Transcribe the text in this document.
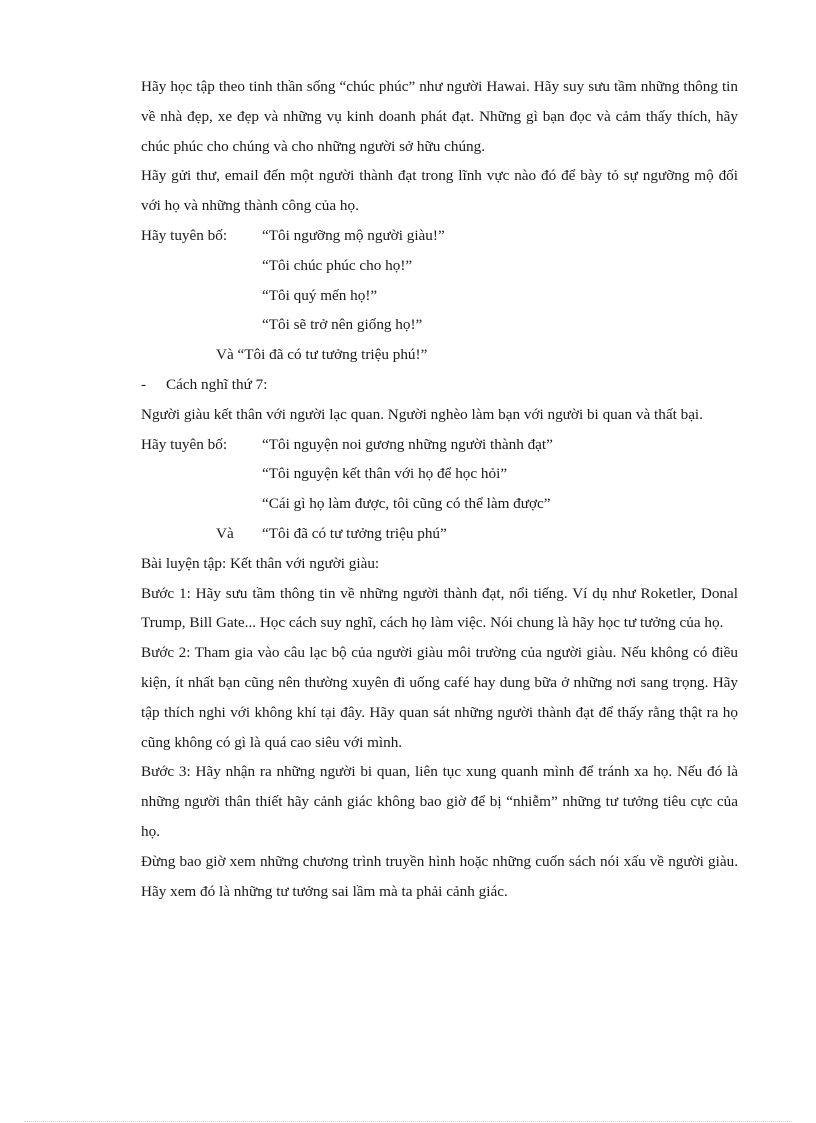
Hãy học tập theo tinh thần sống “chúc phúc” như người Hawai. Hãy suy sưu tầm những thông tin về nhà đẹp, xe đẹp và những vụ kinh doanh phát đạt. Những gì bạn đọc và cảm thấy thích, hãy chúc phúc cho chúng và cho những người sở hữu chúng.

Hãy gửi thư, email đến một người thành đạt trong lĩnh vực nào đó để bày tỏ sự ngưỡng mộ đối với họ và những thành công của họ.

Hãy tuyên bố:	“Tôi ngưỡng mộ người giàu!”
“Tôi chúc phúc cho họ!”
“Tôi quý mến họ!”
“Tôi sẽ trở nên giống họ!”
Và “Tôi đã có tư tưởng triệu phú!”
-	Cách nghĩ thứ 7:

Người giàu kết thân với người lạc quan. Người nghèo làm bạn với người bi quan và thất bại.

Hãy tuyên bố:	“Tôi nguyện noi gương những người thành đạt”
“Tôi nguyện kết thân với họ để học hỏi”
“Cái gì họ làm được, tôi cũng có thể làm được”
Và	“Tôi đã có tư tưởng triệu phú”

Bài luyện tập: Kết thân với người giàu:

Bước 1: Hãy sưu tầm thông tin về những người thành đạt, nổi tiếng. Ví dụ như Roketler, Donal Trump, Bill Gate... Học cách suy nghĩ, cách họ làm việc. Nói chung là hãy học tư tưởng của họ.

Bước 2: Tham gia vào câu lạc bộ của người giàu môi trường của người giàu. Nếu không có điều kiện, ít nhất bạn cũng nên thường xuyên đi uống café hay dung bữa ở những nơi sang trọng. Hãy tập thích nghi với không khí tại đây. Hãy quan sát những người thành đạt để thấy rằng thật ra họ cũng không có gì là quá cao siêu với mình.

Bước 3: Hãy nhận ra những người bi quan, liên tục xung quanh mình để tránh xa họ. Nếu đó là những người thân thiết hãy cảnh giác không bao giờ để bị “nhiễm” những tư tưởng tiêu cực của họ.

Đừng bao giờ xem những chương trình truyền hình hoặc những cuốn sách nói xấu về người giàu. Hãy xem đó là những tư tưởng sai lầm mà ta phải cảnh giác.
